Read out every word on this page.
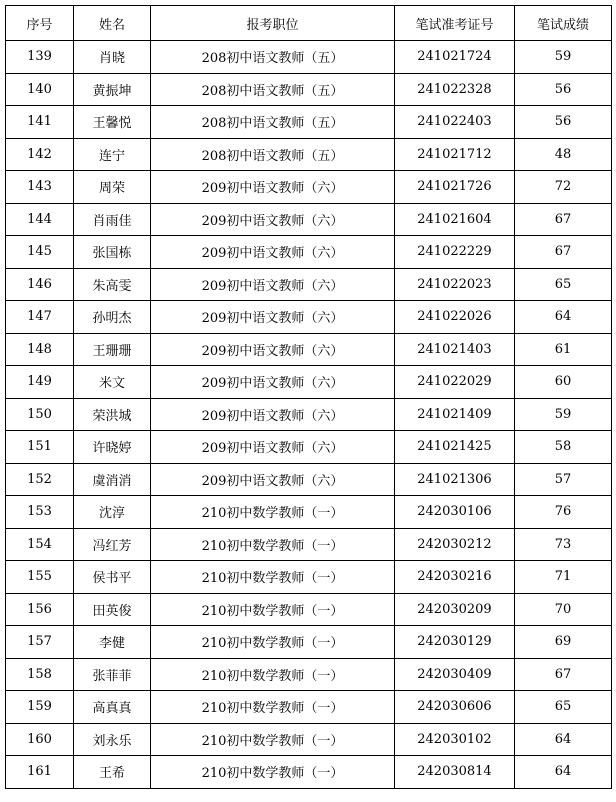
序号	姓名	报考职位	笔试准考证号	笔试成绩
139	肖晓	208初中语文教师（五）	241021724	59
140	黄振坤	208初中语文教师（五）	241022328	56
141	王馨悦	208初中语文教师（五）	241022403	56
142	连宁	208初中语文教师（五）	241021712	48
143	周荣	209初中语文教师（六）	241021726	72
144	肖雨佳	209初中语文教师（六）	241021604	67
145	张国栋	209初中语文教师（六）	241022229	67
146	朱高雯	209初中语文教师（六）	241022023	65
147	孙明杰	209初中语文教师（六）	241022026	64
148	王珊珊	209初中语文教师（六）	241021403	61
149	米文	209初中语文教师（六）	241022029	60
150	荣洪城	209初中语文教师（六）	241021409	59
151	许晓婷	209初中语文教师（六）	241021425	58
152	虞消消	209初中语文教师（六）	241021306	57
153	沈淳	210初中数学教师（一）	242030106	76
154	冯红芳	210初中数学教师（一）	242030212	73
155	侯书平	210初中数学教师（一）	242030216	71
156	田英俊	210初中数学教师（一）	242030209	70
157	李健	210初中数学教师（一）	242030129	69
158	张菲菲	210初中数学教师（一）	242030409	67
159	高真真	210初中数学教师（一）	242030606	65
160	刘永乐	210初中数学教师（一）	242030102	64
161	王希	210初中数学教师（一）	242030814	64
